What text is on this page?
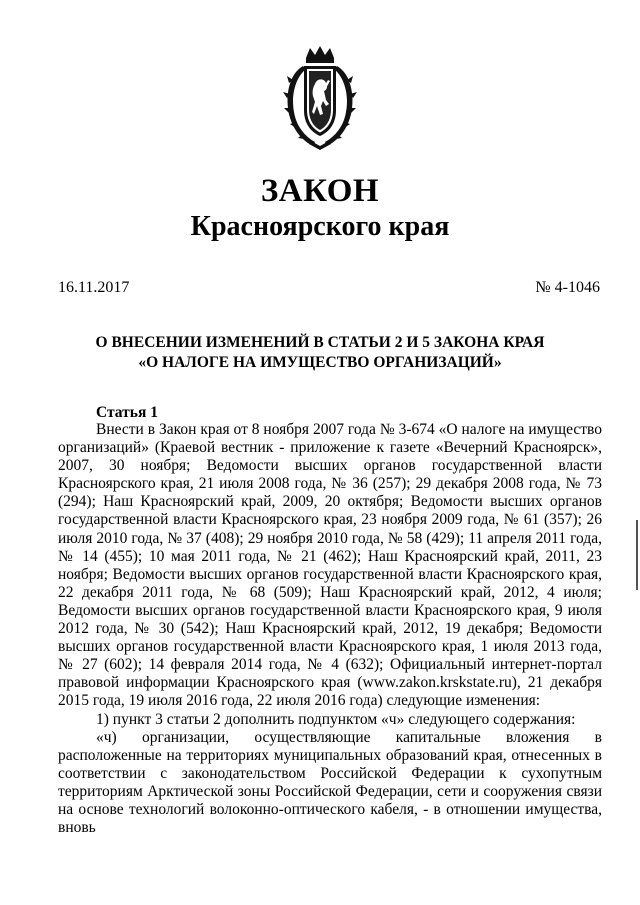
ЗАКОН
Красноярского края
16.11.2017	№ 4-1046
О ВНЕСЕНИИ ИЗМЕНЕНИЙ В СТАТЬИ 2 И 5 ЗАКОНА КРАЯ
«О НАЛОГЕ НА ИМУЩЕСТВО ОРГАНИЗАЦИЙ»
Статья 1

Внести в Закон края от 8 ноября 2007 года № 3-674 «О налоге на имущество организаций» (Краевой вестник - приложение к газете «Вечерний Красноярск», 2007, 30 ноября; Ведомости высших органов государственной власти Красноярского края, 21 июля 2008 года, № 36 (257); 29 декабря 2008 года, № 73 (294); Наш Красноярский край, 2009, 20 октября; Ведомости высших органов государственной власти Красноярского края, 23 ноября 2009 года, № 61 (357); 26 июля 2010 года, № 37 (408); 29 ноября 2010 года, № 58 (429); 11 апреля 2011 года, № 14 (455); 10 мая 2011 года, № 21 (462); Наш Красноярский край, 2011, 23 ноября; Ведомости высших органов государственной власти Красноярского края, 22 декабря 2011 года, № 68 (509); Наш Красноярский край, 2012, 4 июля; Ведомости высших органов государственной власти Красноярского края, 9 июля 2012 года, № 30 (542); Наш Красноярский край, 2012, 19 декабря; Ведомости высших органов государственной власти Красноярского края, 1 июля 2013 года, № 27 (602); 14 февраля 2014 года, № 4 (632); Официальный интернет-портал правовой информации Красноярского края (www.zakon.krskstate.ru), 21 декабря 2015 года, 19 июля 2016 года, 22 июля 2016 года) следующие изменения:

1) пункт 3 статьи 2 дополнить подпунктом «ч» следующего содержания:

«ч) организации, осуществляющие капитальные вложения в расположенные на территориях муниципальных образований края, отнесенных в соответствии с законодательством Российской Федерации к сухопутным территориям Арктической зоны Российской Федерации, сети и сооружения связи на основе технологий волоконно-оптического кабеля, - в отношении имущества, вновь
